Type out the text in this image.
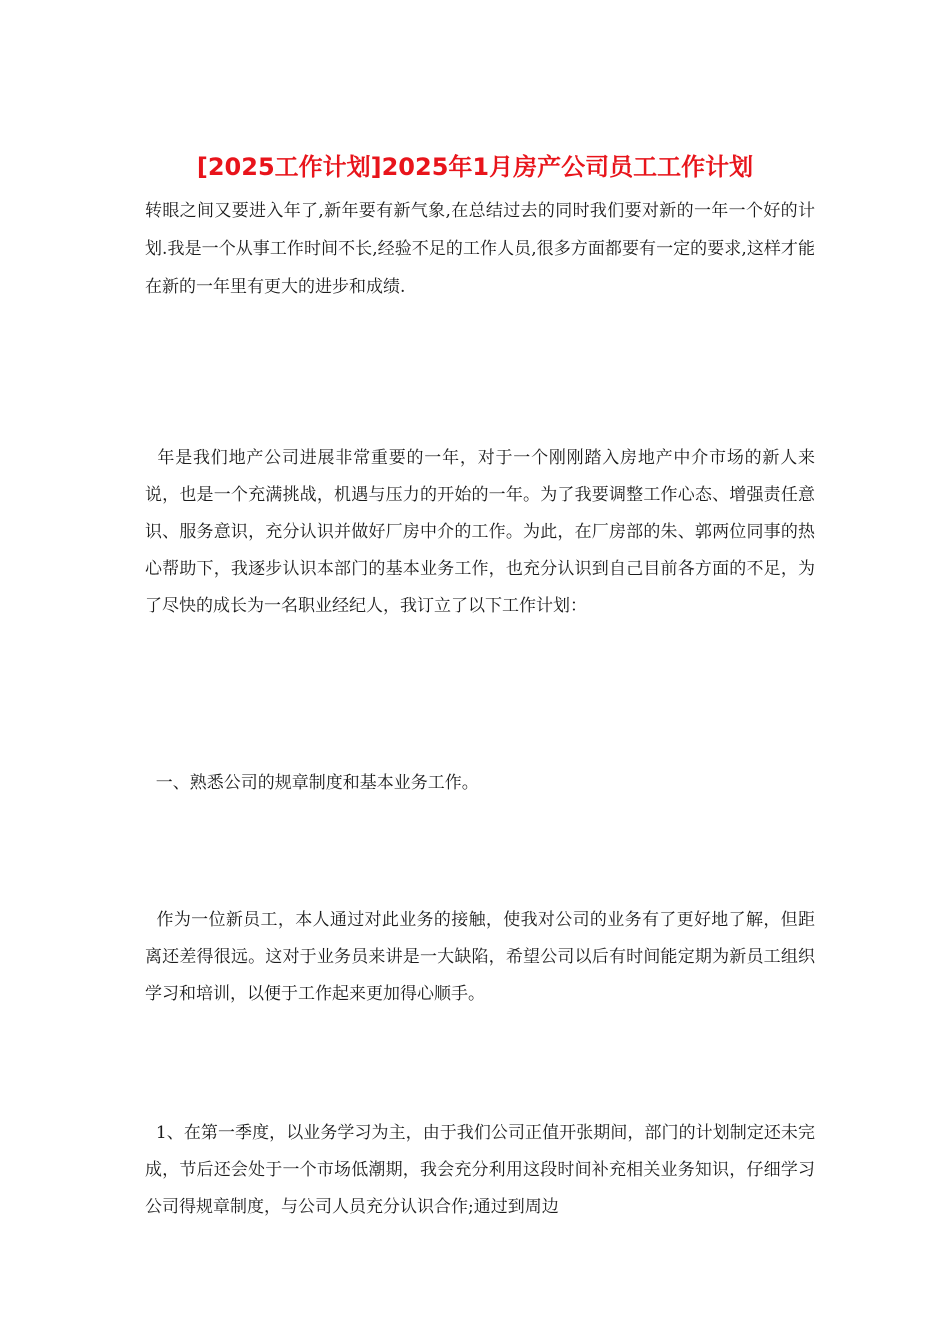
[2025工作计划]2025年1月房产公司员工工作计划

转眼之间又要进入年了,新年要有新气象,在总结过去的同时我们要对新的一年一个好的计划.我是一个从事工作时间不长,经验不足的工作人员,很多方面都要有一定的要求,这样才能在新的一年里有更大的进步和成绩.

年是我们地产公司进展非常重要的一年，对于一个刚刚踏入房地产中介市场的新人来说，也是一个充满挑战，机遇与压力的开始的一年。为了我要调整工作心态、增强责任意识、服务意识，充分认识并做好厂房中介的工作。为此，在厂房部的朱、郭两位同事的热心帮助下，我逐步认识本部门的基本业务工作，也充分认识到自己目前各方面的不足，为了尽快的成长为一名职业经纪人，我订立了以下工作计划：

一、熟悉公司的规章制度和基本业务工作。

作为一位新员工，本人通过对此业务的接触，使我对公司的业务有了更好地了解，但距离还差得很远。这对于业务员来讲是一大缺陷，希望公司以后有时间能定期为新员工组织学习和培训，以便于工作起来更加得心顺手。

1、在第一季度，以业务学习为主，由于我们公司正值开张期间，部门的计划制定还未完成，节后还会处于一个市场低潮期，我会充分利用这段时间补充相关业务知识，仔细学习公司得规章制度，与公司人员充分认识合作;通过到周边
